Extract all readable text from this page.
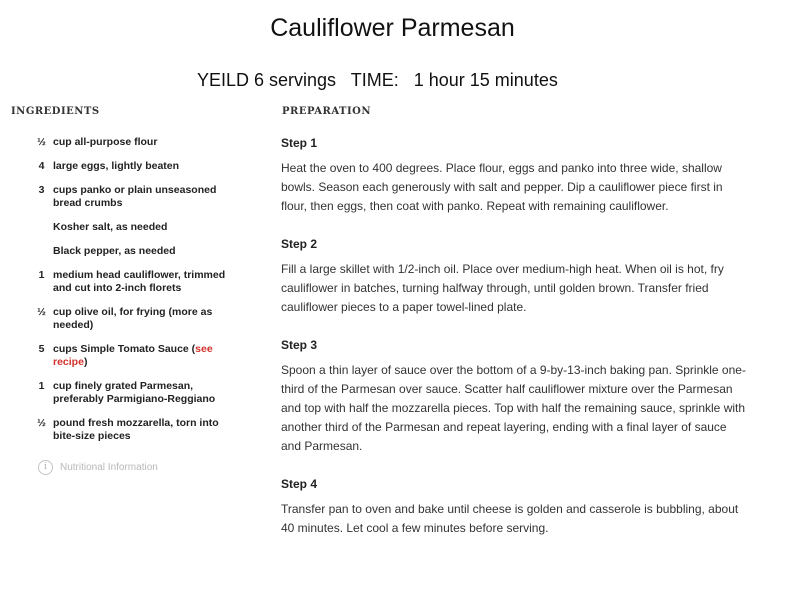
Cauliflower Parmesan
YEILD 6 servings   TIME:   1 hour 15 minutes
INGREDIENTS	PREPARATION
½ cup all-purpose flour
4 large eggs, lightly beaten
3 cups panko or plain unseasoned bread crumbs
Kosher salt, as needed
Black pepper, as needed
1 medium head cauliflower, trimmed and cut into 2-inch florets
½ cup olive oil, for frying (more as needed)
5 cups Simple Tomato Sauce (see recipe)
1 cup finely grated Parmesan, preferably Parmigiano-Reggiano
½ pound fresh mozzarella, torn into bite-size pieces
i	Nutritional Information

Step 1

Heat the oven to 400 degrees. Place flour, eggs and panko into three wide, shallow bowls. Season each generously with salt and pepper. Dip a cauliflower piece first in flour, then eggs, then coat with panko. Repeat with remaining cauliflower.

Step 2

Fill a large skillet with 1/2-inch oil. Place over medium-high heat. When oil is hot, fry cauliflower in batches, turning halfway through, until golden brown. Transfer fried cauliflower pieces to a paper towel-lined plate.

Step 3

Spoon a thin layer of sauce over the bottom of a 9-by-13-inch baking pan. Sprinkle one-third of the Parmesan over sauce. Scatter half cauliflower mixture over the Parmesan and top with half the mozzarella pieces. Top with half the remaining sauce, sprinkle with another third of the Parmesan and repeat layering, ending with a final layer of sauce and Parmesan.

Step 4

Transfer pan to oven and bake until cheese is golden and casserole is bubbling, about 40 minutes. Let cool a few minutes before serving.
